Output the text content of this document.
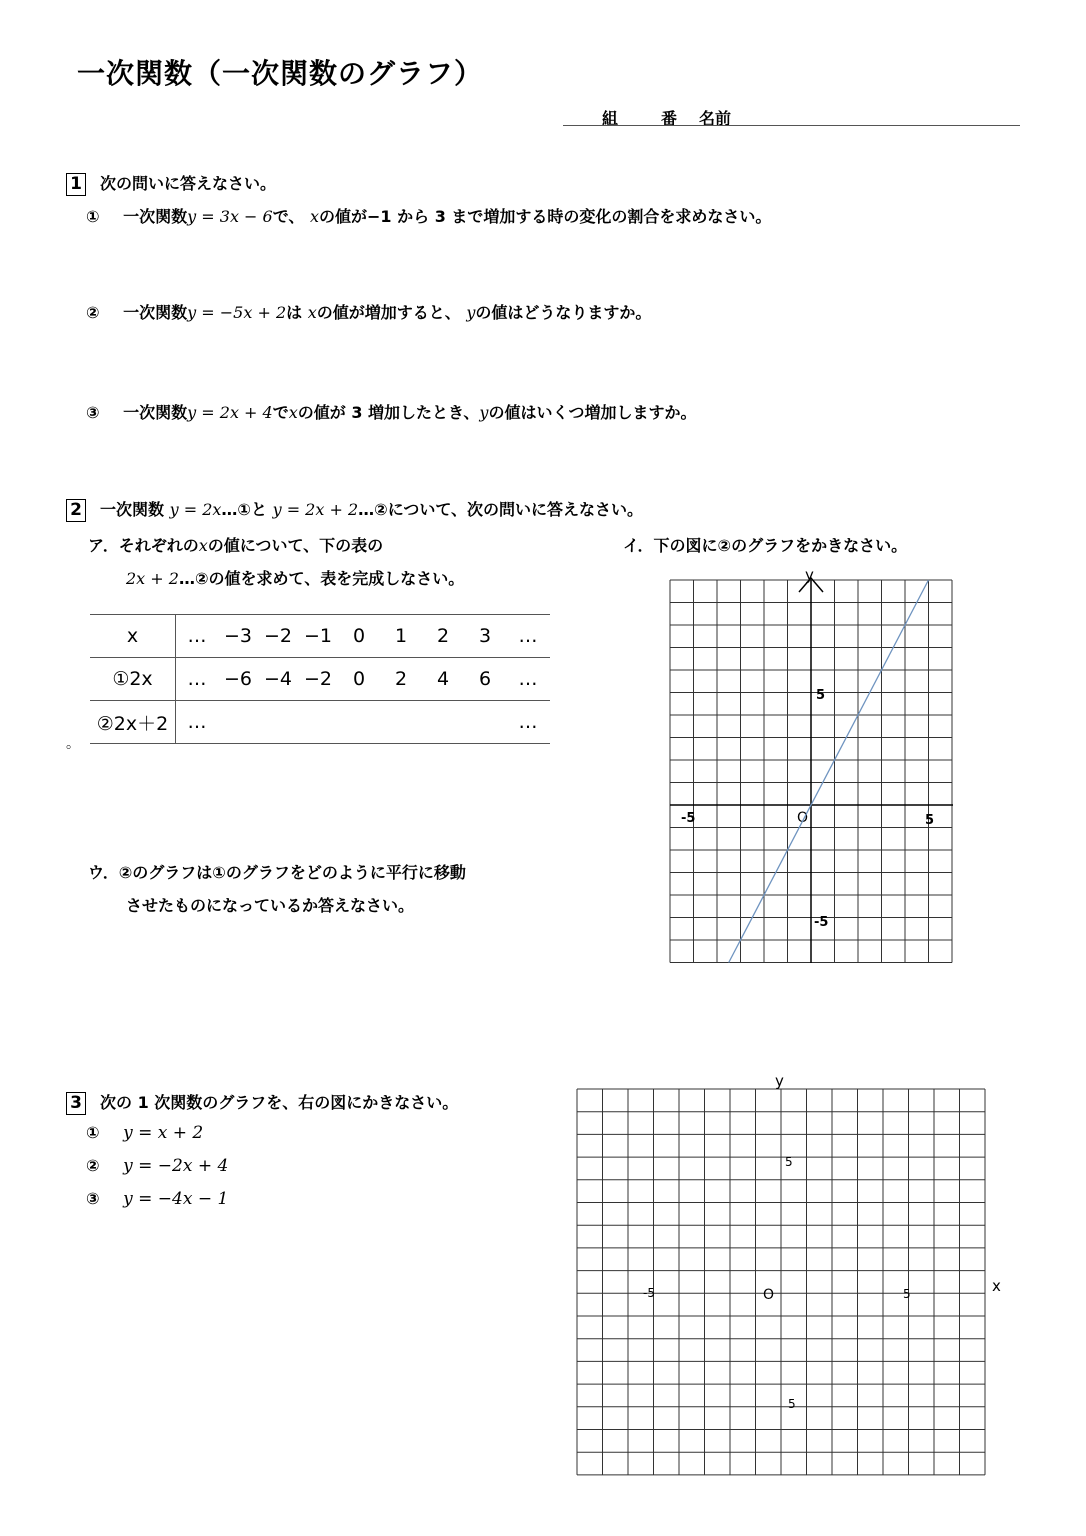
一次関数（一次関数のグラフ）
組	番 名前
1 次の問いに答えなさい。
① 一次関数y = 3x − 6で、 xの値が−1 から 3 まで増加する時の変化の割合を求めなさい。
② 一次関数y = −5x + 2は xの値が増加すると、 yの値はどうなりますか。
③ 一次関数y = 2x + 4でxの値が 3 増加したとき、yの値はいくつ増加しますか。
2 一次関数 y = 2x…①と y = 2x + 2…②について、次の問いに答えなさい。
ア．それぞれのxの値について、下の表の
2x + 2…②の値を求めて、表を完成しなさい。
イ．下の図に②のグラフをかきなさい。
x	…	−3	−2	−1	0	1	2	3	…
①2x	…	−6	−4	−2	0	2	4	6	…
②2x＋2	…								…
。
ウ．②のグラフは①のグラフをどのように平行に移動
させたものになっているか答えなさい。
y
O
-5	5
5
-5
3 次の 1 次関数のグラフを、右の図にかきなさい。
① y = x + 2
② y = −2x + 4
③ y = −4x − 1
y
x
O
-5	5
5
5
